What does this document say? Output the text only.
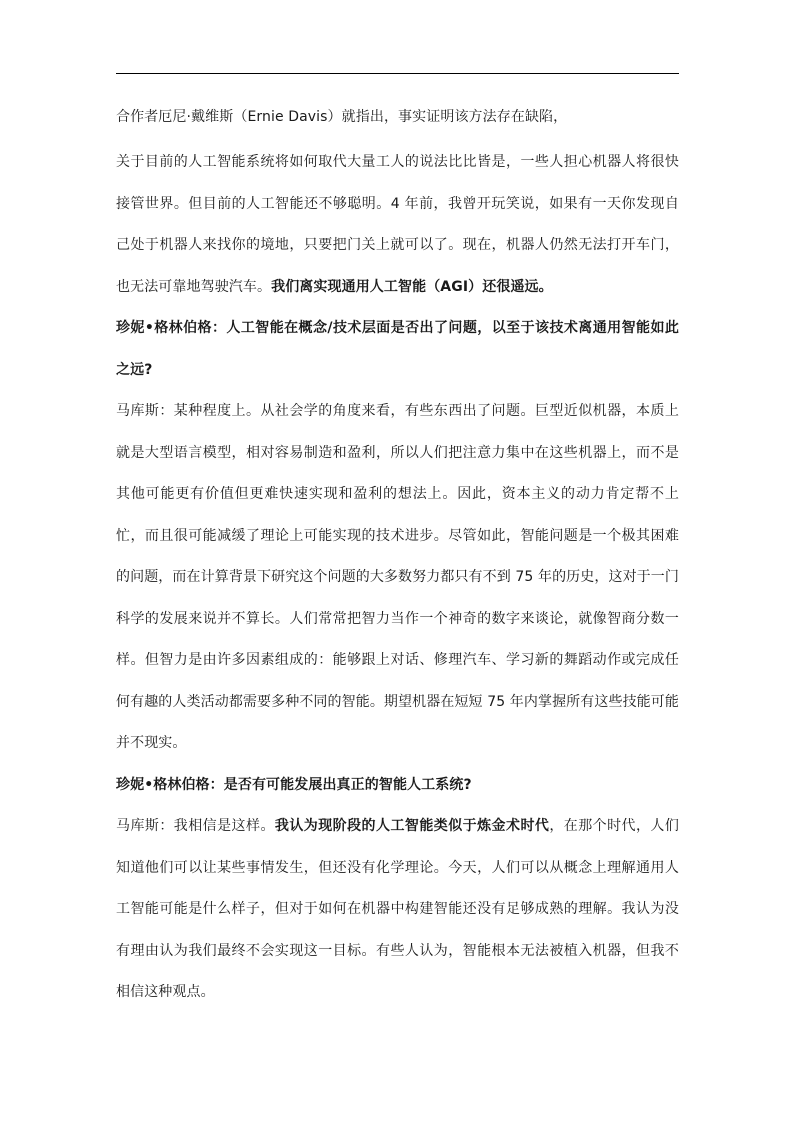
合作者厄尼·戴维斯（Ernie Davis）就指出，事实证明该方法存在缺陷，

关于目前的人工智能系统将如何取代大量工人的说法比比皆是，一些人担心机器人将很快接管世界。但目前的人工智能还不够聪明。4 年前，我曾开玩笑说，如果有一天你发现自己处于机器人来找你的境地，只要把门关上就可以了。现在，机器人仍然无法打开车门，也无法可靠地驾驶汽车。我们离实现通用人工智能（AGI）还很遥远。

珍妮•格林伯格：人工智能在概念/技术层面是否出了问题，以至于该技术离通用智能如此之远?

马库斯：某种程度上。从社会学的角度来看，有些东西出了问题。巨型近似机器，本质上就是大型语言模型，相对容易制造和盈利，所以人们把注意力集中在这些机器上，而不是其他可能更有价值但更难快速实现和盈利的想法上。因此，资本主义的动力肯定帮不上忙，而且很可能减缓了理论上可能实现的技术进步。尽管如此，智能问题是一个极其困难的问题，而在计算背景下研究这个问题的大多数努力都只有不到 75 年的历史，这对于一门科学的发展来说并不算长。人们常常把智力当作一个神奇的数字来谈论，就像智商分数一样。但智力是由许多因素组成的：能够跟上对话、修理汽车、学习新的舞蹈动作或完成任何有趣的人类活动都需要多种不同的智能。期望机器在短短 75 年内掌握所有这些技能可能并不现实。

珍妮•格林伯格：是否有可能发展出真正的智能人工系统?

马库斯：我相信是这样。我认为现阶段的人工智能类似于炼金术时代，在那个时代，人们知道他们可以让某些事情发生，但还没有化学理论。今天，人们可以从概念上理解通用人工智能可能是什么样子，但对于如何在机器中构建智能还没有足够成熟的理解。我认为没有理由认为我们最终不会实现这一目标。有些人认为，智能根本无法被植入机器，但我不相信这种观点。
